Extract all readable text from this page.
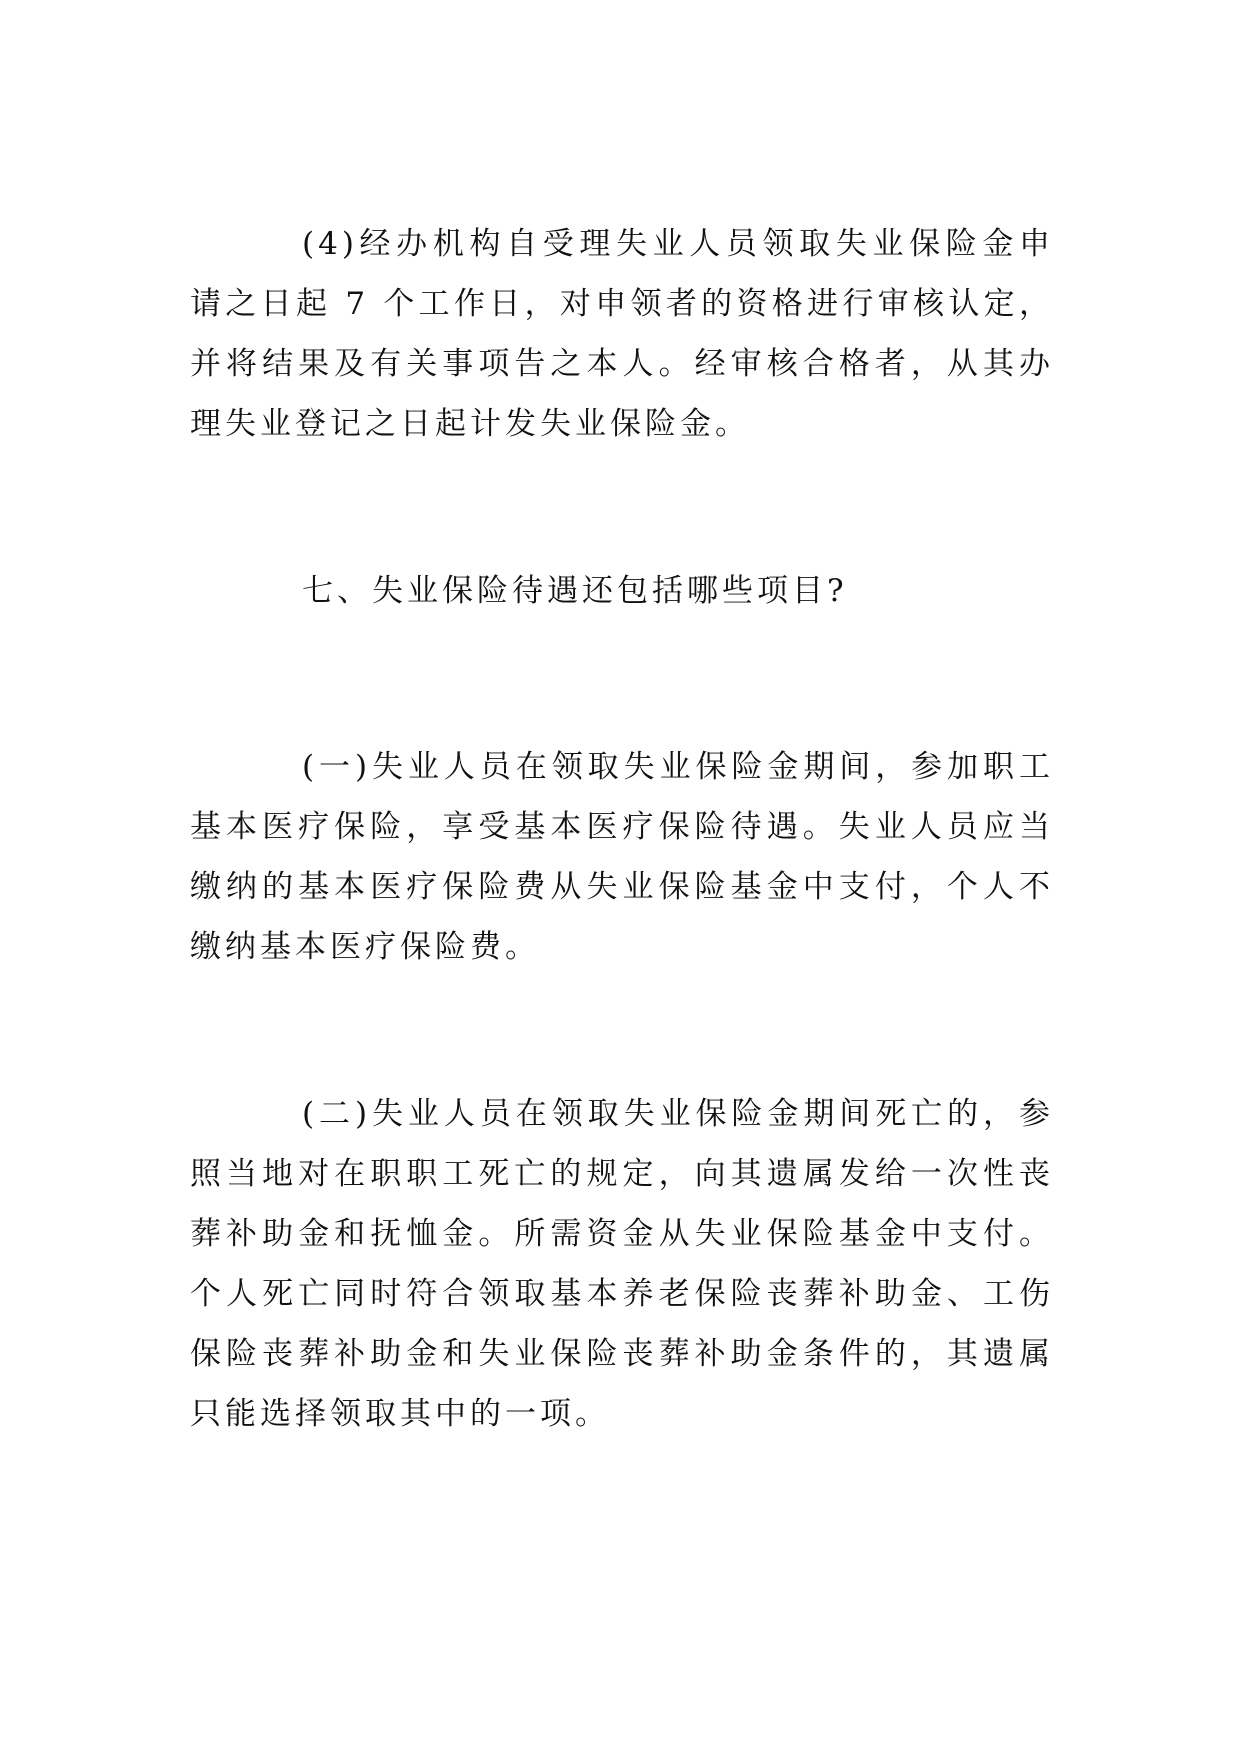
(4)经办机构自受理失业人员领取失业保险金申请之日起 7 个工作日，对申领者的资格进行审核认定，并将结果及有关事项告之本人。经审核合格者，从其办理失业登记之日起计发失业保险金。

七、失业保险待遇还包括哪些项目?

(一)失业人员在领取失业保险金期间，参加职工基本医疗保险，享受基本医疗保险待遇。失业人员应当缴纳的基本医疗保险费从失业保险基金中支付，个人不缴纳基本医疗保险费。

(二)失业人员在领取失业保险金期间死亡的，参照当地对在职职工死亡的规定，向其遗属发给一次性丧葬补助金和抚恤金。所需资金从失业保险基金中支付。个人死亡同时符合领取基本养老保险丧葬补助金、工伤保险丧葬补助金和失业保险丧葬补助金条件的，其遗属只能选择领取其中的一项。
